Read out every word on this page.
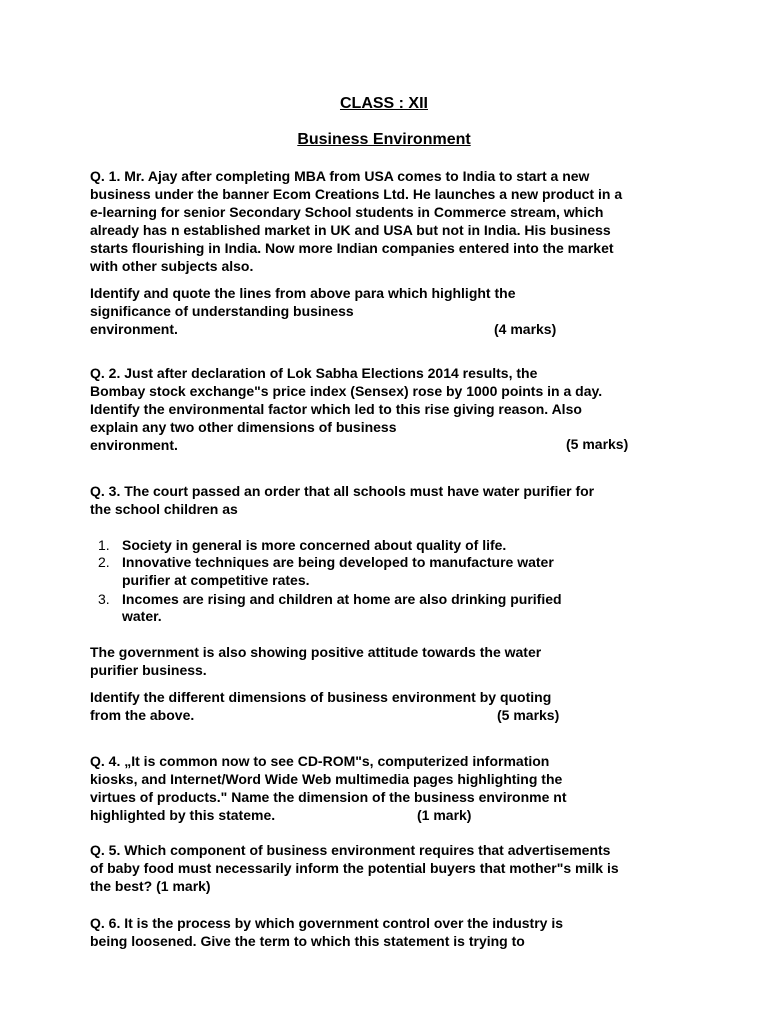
CLASS : XII
Business Environment
Q. 1. Mr. Ajay after completing MBA from USA comes to India to start a new
business under the banner Ecom Creations Ltd. He launches a new product in a
e-learning for senior Secondary School students in Commerce stream, which
already has n established market in UK and USA but not in India. His business
starts flourishing in India. Now more Indian companies entered into the market
with other subjects also.
Identify and quote the lines from above para which highlight the
significance of understanding business
environment.	(4 marks)
Q. 2. Just after declaration of Lok Sabha Elections 2014 results, the
Bombay stock exchange"s price index (Sensex) rose by 1000 points in a day.
Identify the environmental factor which led to this rise giving reason. Also
explain any two other dimensions of business
environment.	(5 marks)
Q. 3. The court passed an order that all schools must have water purifier for
the school children as
1. Society in general is more concerned about quality of life.
2. Innovative techniques are being developed to manufacture water
purifier at competitive rates.
3. Incomes are rising and children at home are also drinking purified
water.
The government is also showing positive attitude towards the water
purifier business.
Identify the different dimensions of business environment by quoting
from the above.	(5 marks)
Q. 4. „It is common now to see CD-ROM"s, computerized information
kiosks, and Internet/Word Wide Web multimedia pages highlighting the
virtues of products." Name the dimension of the business environme nt
highlighted by this stateme.	(1 mark)
Q. 5. Which component of business environment requires that advertisements
of baby food must necessarily inform the potential buyers that mother"s milk is
the best? (1 mark)
Q. 6. It is the process by which government control over the industry is
being loosened. Give the term to which this statement is trying to
